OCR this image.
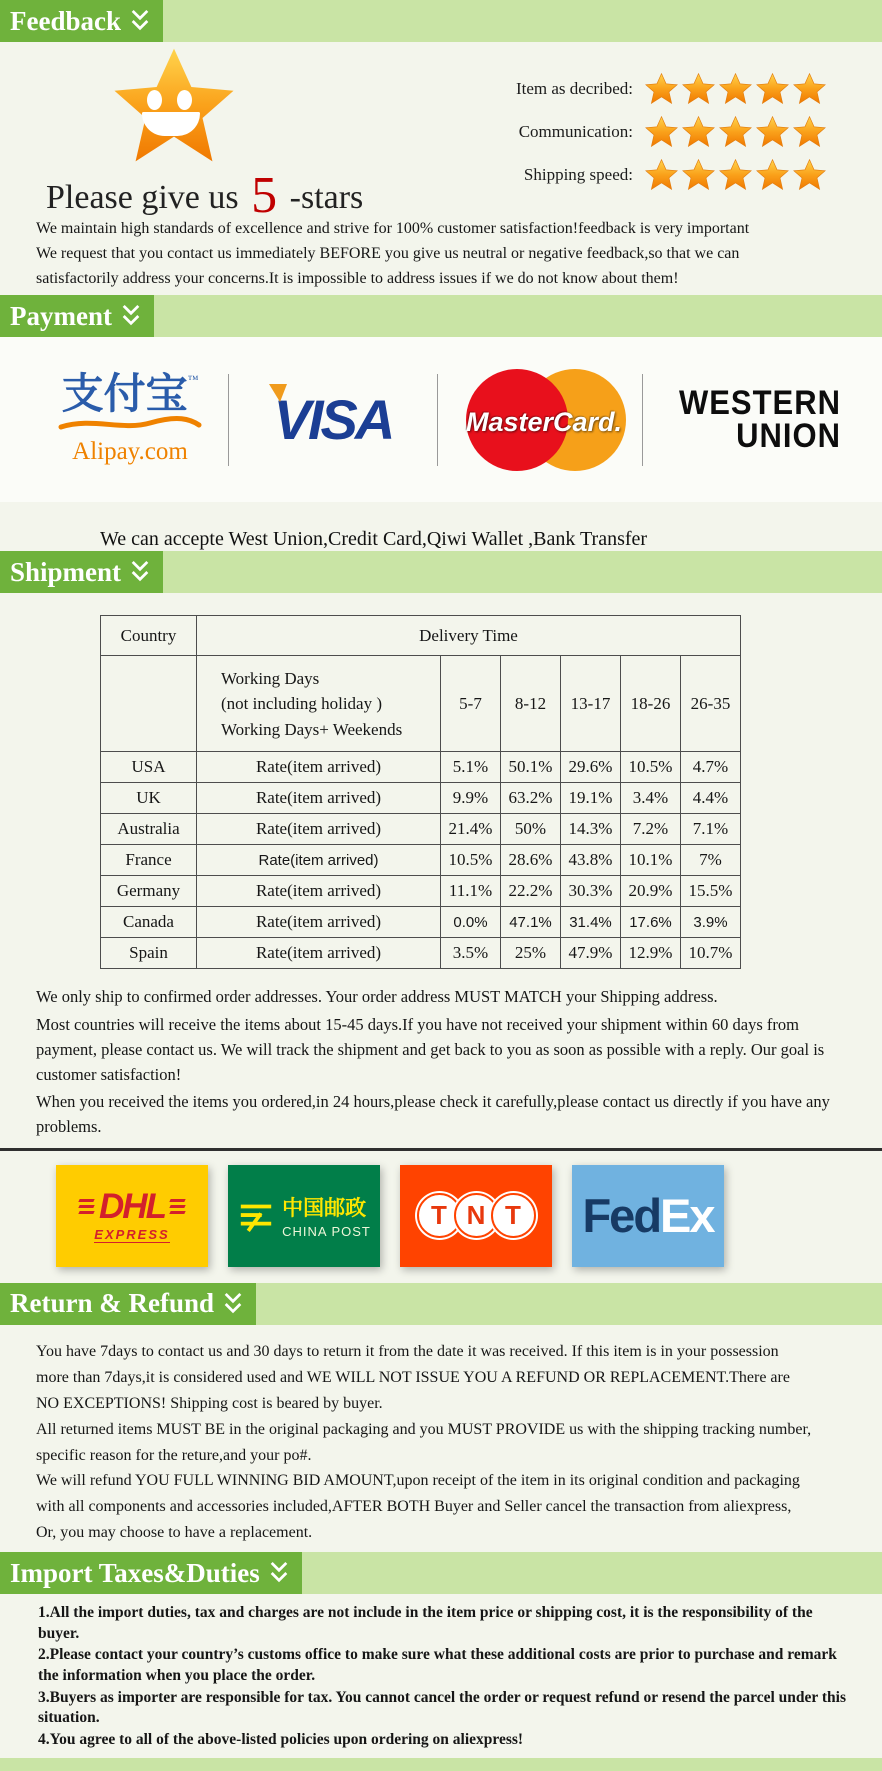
Feedback
Please give us 5 -stars
Item as decribed:
Communication:
Shipping speed:
We maintain high standards of excellence and strive for 100% customer satisfaction!feedback is very important
We request that you contact us immediately BEFORE you give us neutral or negative feedback,so that we can
satisfactorily address your concerns.It is impossible to address issues if we do not know about them!
Payment
支付宝 ™
Alipay.com
VISA	MasterCard.	WESTERN
UNION
We can accepte West Union,Credit Card,Qiwi Wallet ,Bank Transfer
Shipment
Country	Delivery Time					

	Working Days
(not including holiday )
Working Days+ Weekends	5-7	8-12	13-17	18-26	26-35
USA	Rate(item arrived)	5.1%	50.1%	29.6%	10.5%	4.7%
UK	Rate(item arrived)	9.9%	63.2%	19.1%	3.4%	4.4%
Australia	Rate(item arrived)	21.4%	50%	14.3%	7.2%	7.1%
France	Rate(item arrived)	10.5%	28.6%	43.8%	10.1%	7%
Germany	Rate(item arrived)	11.1%	22.2%	30.3%	20.9%	15.5%
Canada	Rate(item arrived)	0.0%	47.1%	31.4%	17.6%	3.9%
Spain	Rate(item arrived)	3.5%	25%	47.9%	12.9%	10.7%

We only ship to confirmed order addresses. Your order address MUST MATCH your Shipping address.

Most countries will receive the items about 15-45 days.If you have not received your shipment within 60 days from payment, please contact us. We will track the shipment and get back to you as soon as possible with a reply. Our goal is customer satisfaction!

When you received the items you ordered,in 24 hours,please check it carefully,please contact us directly if you have any problems.

DHL
EXPRESS
中国邮政
CHINA POST
T N T	FedEx
Return & Refund
You have 7days to contact us and 30 days to return it from the date it was received. If this item is in your possession
more than 7days,it is considered used and WE WILL NOT ISSUE YOU A REFUND OR REPLACEMENT.There are
NO EXCEPTIONS! Shipping cost is beared by buyer.
All returned items MUST BE in the original packaging and you MUST PROVIDE us with the shipping tracking number,
specific reason for the reture,and your po#.
We will refund YOU FULL WINNING BID AMOUNT,upon receipt of the item in its original condition and packaging
with all components and accessories included,AFTER BOTH Buyer and Seller cancel the transaction from aliexpress,
Or, you may choose to have a replacement.
Import Taxes&Duties

1.All the import duties, tax and charges are not include in the item price or shipping cost, it is the responsibility of the buyer.

2.Please contact your country’s customs office to make sure what these additional costs are prior to purchase and remark the information when you place the order.

3.Buyers as importer are responsible for tax. You cannot cancel the order or request refund or resend the parcel under this situation.

4.You agree to all of the above-listed policies upon ordering on aliexpress!
